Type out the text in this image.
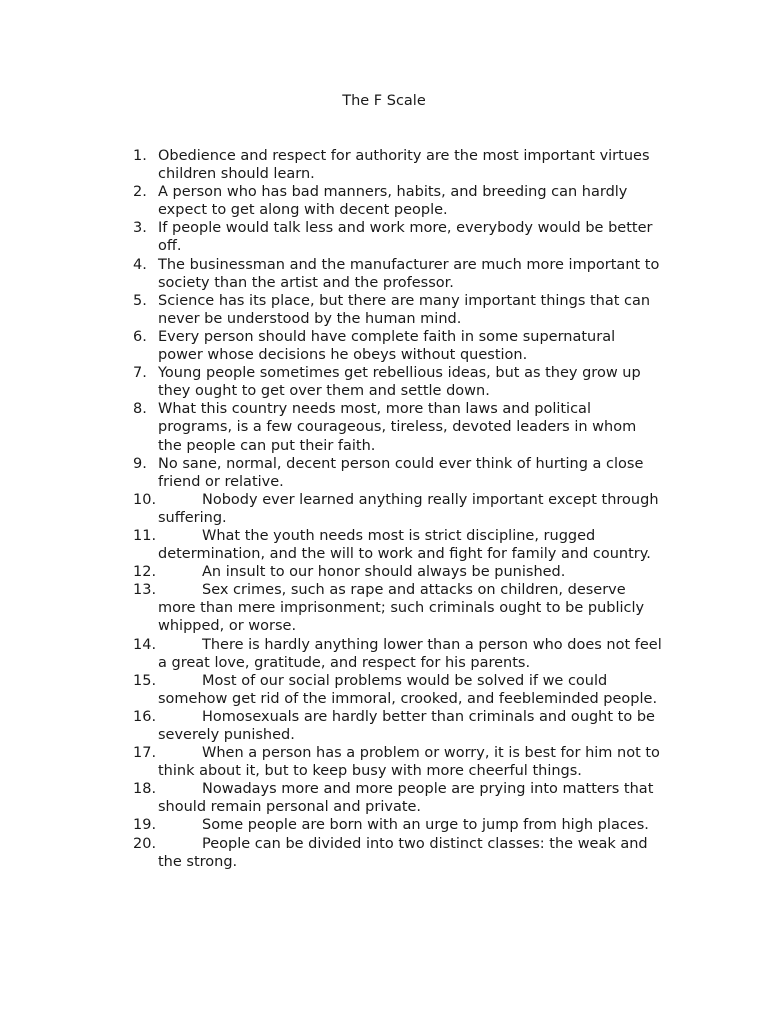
The F Scale
1. Obedience and respect for authority are the most important virtues children should learn.
2. A person who has bad manners, habits, and breeding can hardly expect to get along with decent people.
3. If people would talk less and work more, everybody would be better off.
4. The businessman and the manufacturer are much more important to society than the artist and the professor.
5. Science has its place, but there are many important things that can never be understood by the human mind.
6. Every person should have complete faith in some supernatural power whose decisions he obeys without question.
7. Young people sometimes get rebellious ideas, but as they grow up they ought to get over them and settle down.
8. What this country needs most, more than laws and political programs, is a few courageous, tireless, devoted leaders in whom the people can put their faith.
9. No sane, normal, decent person could ever think of hurting a close friend or relative.
10.	Nobody ever learned anything really important except through suffering.
11.	What the youth needs most is strict discipline, rugged determination, and the will to work and fight for family and country.
12.	An insult to our honor should always be punished.
13.	Sex crimes, such as rape and attacks on children, deserve more than mere imprisonment; such criminals ought to be publicly whipped, or worse.
14.	There is hardly anything lower than a person who does not feel a great love, gratitude, and respect for his parents.
15.	Most of our social problems would be solved if we could somehow get rid of the immoral, crooked, and feebleminded people.
16.	Homosexuals are hardly better than criminals and ought to be severely punished.
17.	When a person has a problem or worry, it is best for him not to think about it, but to keep busy with more cheerful things.
18.	Nowadays more and more people are prying into matters that should remain personal and private.
19.	Some people are born with an urge to jump from high places.
20.	People can be divided into two distinct classes: the weak and the strong.
